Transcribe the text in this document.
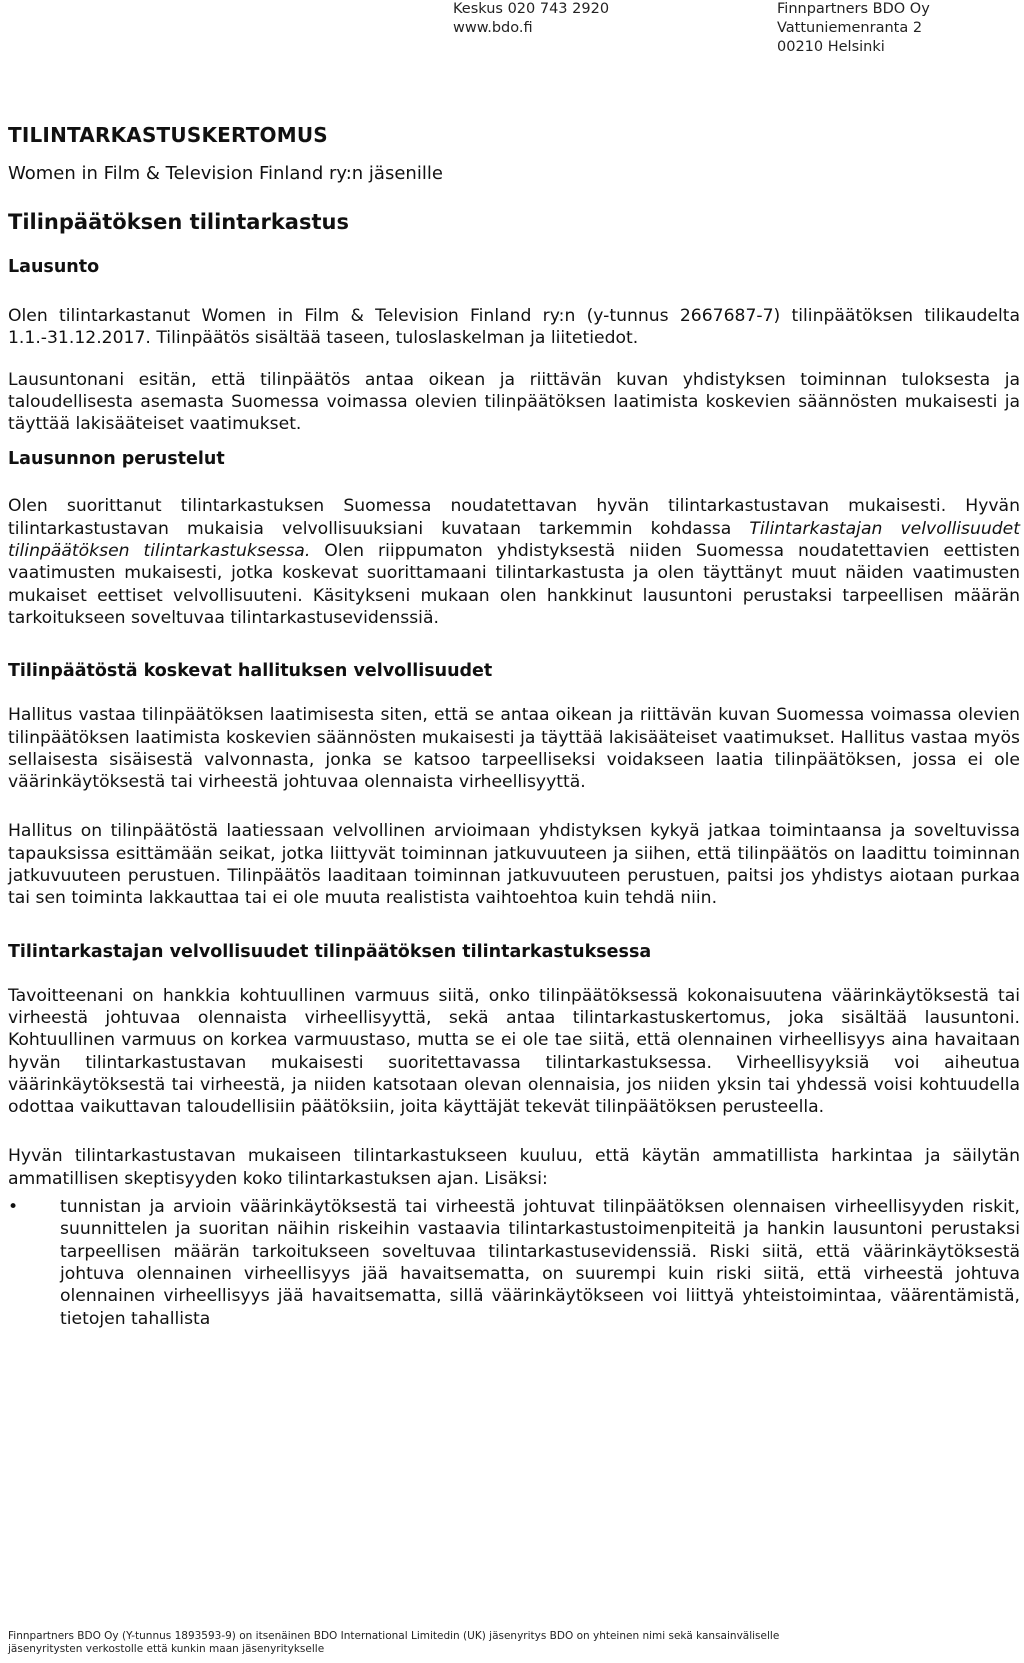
Keskus 020 743 2920
www.bdo.fi
Finnpartners BDO Oy
Vattuniemenranta 2
00210 Helsinki
TILINTARKASTUSKERTOMUS
Women in Film & Television Finland ry:n jäsenille
Tilinpäätöksen tilintarkastus
Lausunto

Olen tilintarkastanut Women in Film & Television Finland ry:n (y-tunnus 2667687-7) tilinpäätöksen tilikaudelta 1.1.-31.12.2017. Tilinpäätös sisältää taseen, tuloslaskelman ja liitetiedot.

Lausuntonani esitän, että tilinpäätös antaa oikean ja riittävän kuvan yhdistyksen toiminnan tuloksesta ja taloudellisesta asemasta Suomessa voimassa olevien tilinpäätöksen laatimista koskevien säännösten mukaisesti ja täyttää lakisääteiset vaatimukset.

Lausunnon perustelut

Olen suorittanut tilintarkastuksen Suomessa noudatettavan hyvän tilintarkastustavan mukaisesti. Hyvän tilintarkastustavan mukaisia velvollisuuksiani kuvataan tarkemmin kohdassa Tilintarkastajan velvollisuudet tilinpäätöksen tilintarkastuksessa. Olen riippumaton yhdistyksestä niiden Suomessa noudatettavien eettisten vaatimusten mukaisesti, jotka koskevat suorittamaani tilintarkastusta ja olen täyttänyt muut näiden vaatimusten mukaiset eettiset velvollisuuteni. Käsitykseni mukaan olen hankkinut lausuntoni perustaksi tarpeellisen määrän tarkoitukseen soveltuvaa tilintarkastusevidenssiä.

Tilinpäätöstä koskevat hallituksen velvollisuudet

Hallitus vastaa tilinpäätöksen laatimisesta siten, että se antaa oikean ja riittävän kuvan Suomessa voimassa olevien tilinpäätöksen laatimista koskevien säännösten mukaisesti ja täyttää lakisääteiset vaatimukset. Hallitus vastaa myös sellaisesta sisäisestä valvonnasta, jonka se katsoo tarpeelliseksi voidakseen laatia tilinpäätöksen, jossa ei ole väärinkäytöksestä tai virheestä johtuvaa olennaista virheellisyyttä.

Hallitus on tilinpäätöstä laatiessaan velvollinen arvioimaan yhdistyksen kykyä jatkaa toimintaansa ja soveltuvissa tapauksissa esittämään seikat, jotka liittyvät toiminnan jatkuvuuteen ja siihen, että tilinpäätös on laadittu toiminnan jatkuvuuteen perustuen. Tilinpäätös laaditaan toiminnan jatkuvuuteen perustuen, paitsi jos yhdistys aiotaan purkaa tai sen toiminta lakkauttaa tai ei ole muuta realistista vaihtoehtoa kuin tehdä niin.

Tilintarkastajan velvollisuudet tilinpäätöksen tilintarkastuksessa

Tavoitteenani on hankkia kohtuullinen varmuus siitä, onko tilinpäätöksessä kokonaisuutena väärinkäytöksestä tai virheestä johtuvaa olennaista virheellisyyttä, sekä antaa tilintarkastuskertomus, joka sisältää lausuntoni. Kohtuullinen varmuus on korkea varmuustaso, mutta se ei ole tae siitä, että olennainen virheellisyys aina havaitaan hyvän tilintarkastustavan mukaisesti suoritettavassa tilintarkastuksessa. Virheellisyyksiä voi aiheutua väärinkäytöksestä tai virheestä, ja niiden katsotaan olevan olennaisia, jos niiden yksin tai yhdessä voisi kohtuudella odottaa vaikuttavan taloudellisiin päätöksiin, joita käyttäjät tekevät tilinpäätöksen perusteella.

Hyvän tilintarkastustavan mukaiseen tilintarkastukseen kuuluu, että käytän ammatillista harkintaa ja säilytän ammatillisen skeptisyyden koko tilintarkastuksen ajan. Lisäksi:

• tunnistan ja arvioin väärinkäytöksestä tai virheestä johtuvat tilinpäätöksen olennaisen virheellisyyden riskit, suunnittelen ja suoritan näihin riskeihin vastaavia tilintarkastustoimenpiteitä ja hankin lausuntoni perustaksi tarpeellisen määrän tarkoitukseen soveltuvaa tilintarkastusevidenssiä. Riski siitä, että väärinkäytöksestä johtuva olennainen virheellisyys jää havaitsematta, on suurempi kuin riski siitä, että virheestä johtuva olennainen virheellisyys jää havaitsematta, sillä väärinkäytökseen voi liittyä yhteistoimintaa, väärentämistä, tietojen tahallista
Finnpartners BDO Oy (Y-tunnus 1893593-9) on itsenäinen BDO International Limitedin (UK) jäsenyritys BDO on yhteinen nimi sekä kansainväliselle
jäsenyritysten verkostolle että kunkin maan jäsenyritykselle
